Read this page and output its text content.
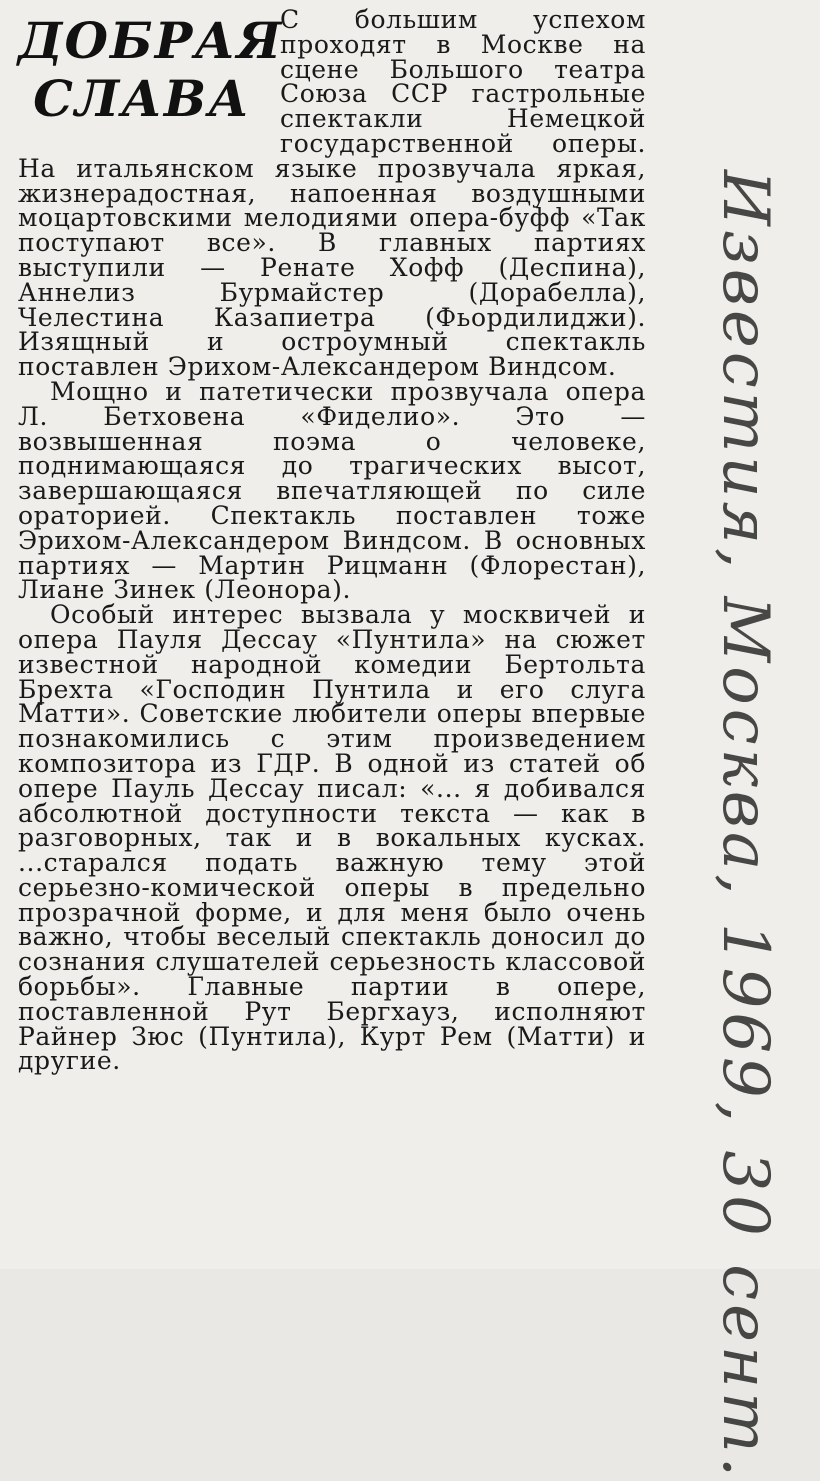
ДОБРАЯ
СЛАВА

С большим успехом проходят в Москве на сцене Большого театра Союза ССР гастрольные спектакли Немецкой государственной оперы. На итальянском языке прозвучала яркая, жизнерадостная, напоенная воздушными моцартовскими мелодиями опера-буфф «Так поступают все». В главных партиях выступили — Ренате Хофф (Деспина), Аннелиз Бурмайстер (Дорабелла), Челестина Казапиетра (Фьордилиджи). Изящный и остроумный спектакль поставлен Эрихом-Александером Виндсом.

Мощно и патетически прозвучала опера Л. Бетховена «Фиделио». Это — возвышенная поэма о человеке, поднимающаяся до трагических высот, завершающаяся впечатляющей по силе ораторией. Спектакль поставлен тоже Эрихом-Александером Виндсом. В основных партиях — Мартин Рицманн (Флорестан), Лиане Зинек (Леонора).

Особый интерес вызвала у москвичей и опера Пауля Дессау «Пунтила» на сюжет известной народной комедии Бертольта Брехта «Господин Пунтила и его слуга Матти». Советские любители оперы впервые познакомились с этим произведением композитора из ГДР. В одной из статей об опере Пауль Дессау писал: «... я добивался абсолютной доступности текста — как в разговорных, так и в вокальных кусках. ...старался подать важную тему этой серьезно-комической оперы в предельно прозрачной форме, и для меня было очень важно, чтобы веселый спектакль доносил до сознания слушателей серьезность классовой борьбы». Главные партии в опере, поставленной Рут Бергхауз, исполняют Райнер Зюс (Пунтила), Курт Рем (Матти) и другие.	Известия, Москва, 1969, 30 сент.
